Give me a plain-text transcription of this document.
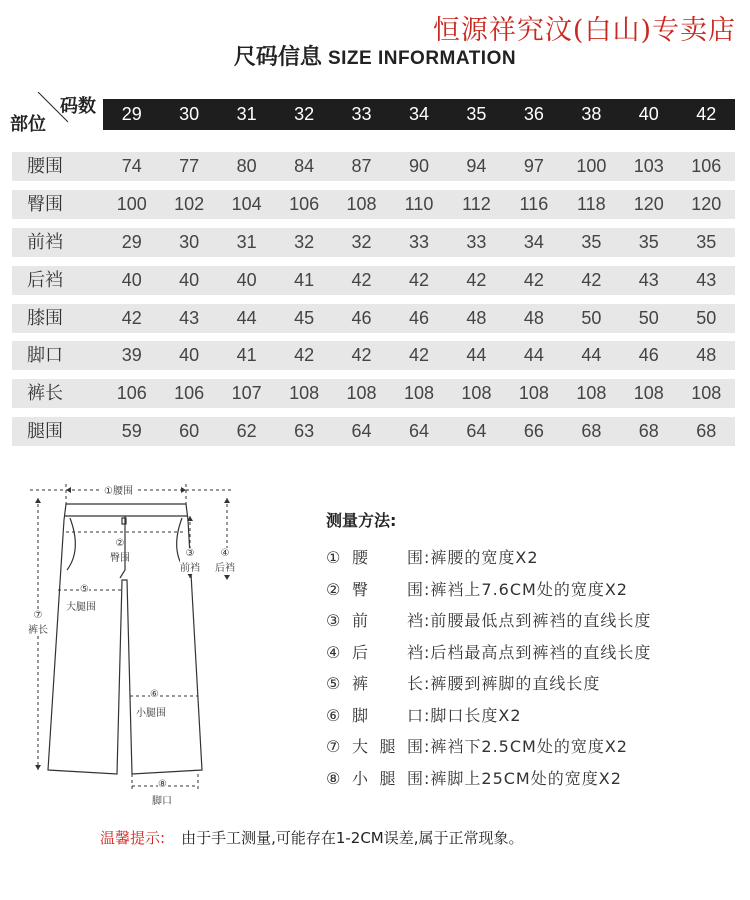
恒源祥究汶(白山)专卖店
尺码信息 SIZE INFORMATION
码数
部位	29	30	31	32	33	34	35	36	38	40	42
腰围	74	77	80	84	87	90	94	97	100	103	106
臀围	100	102	104	106	108	110	112	116	118	120	120
前裆	29	30	31	32	32	33	33	34	35	35	35
后裆	40	40	40	41	42	42	42	42	42	43	43
膝围	42	43	44	45	46	46	48	48	50	50	50
脚口	39	40	41	42	42	42	44	44	44	46	48
裤长	106	106	107	108	108	108	108	108	108	108	108
腿围	59	60	62	63	64	64	64	66	68	68	68
①腰围
②
臀围	③
前裆
④
后裆
⑤
大腿围
⑥
小腿围
⑦
裤长
⑧
脚口
测量方法:
① 腰围:裤腰的宽度X2
② 臀围:裤裆上7.6CM处的宽度X2
③ 前裆:前腰最低点到裤裆的直线长度
④ 后裆:后档最高点到裤裆的直线长度
⑤ 裤长:裤腰到裤脚的直线长度
⑥ 脚口:脚口长度X2
⑦ 大腿围:裤裆下2.5CM处的宽度X2
⑧ 小腿围:裤脚上25CM处的宽度X2
温馨提示: 由于手工测量,可能存在1-2CM误差,属于正常现象。
